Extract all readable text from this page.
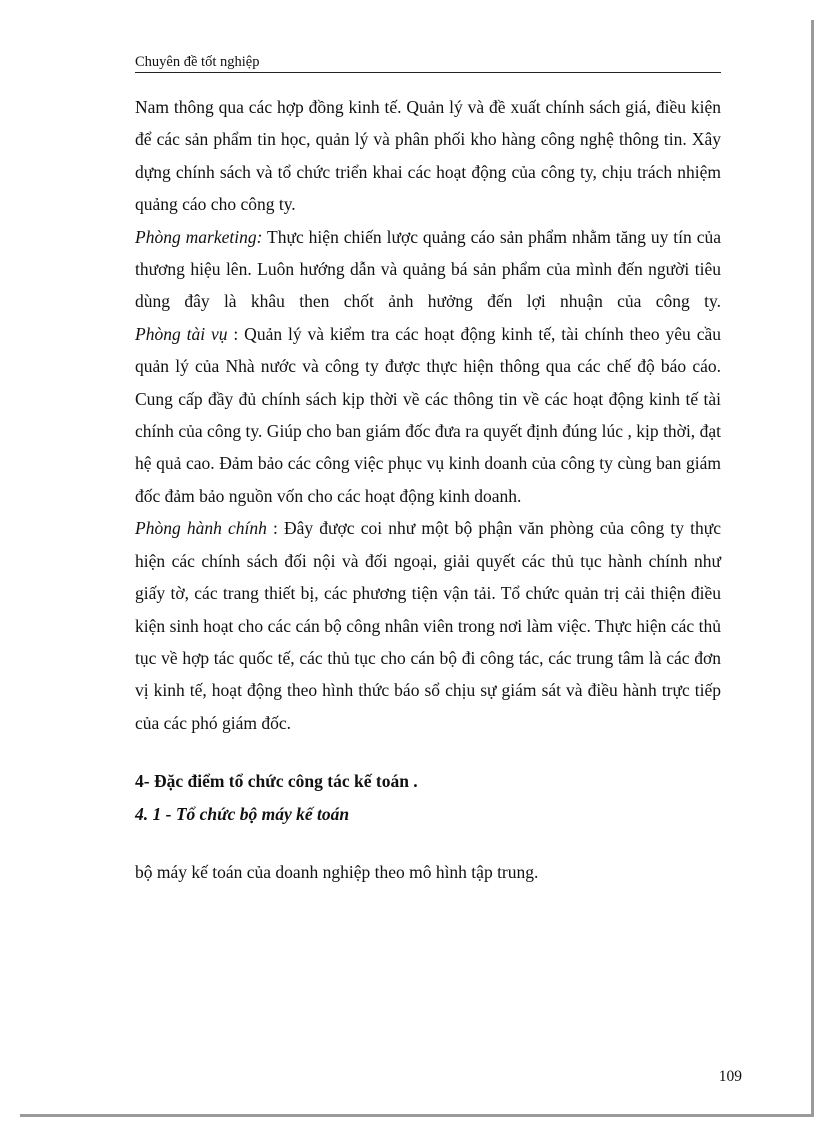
Chuyên đề tốt nghiệp

Nam thông qua các hợp đồng kinh tế. Quản lý và đề xuất chính sách giá, điều kiện để các sản phẩm tin học, quản lý và phân phối kho hàng công nghệ thông tin. Xây dựng chính sách và tổ chức triển khai các hoạt động của công ty, chịu trách nhiệm quảng cáo cho công ty.

Phòng marketing: Thực hiện chiến lược quảng cáo sản phẩm nhằm tăng uy tín của thương hiệu lên. Luôn hướng dẫn và quảng bá sản phẩm của mình đến người tiêu dùng đây là khâu then chốt ảnh hưởng đến lợi nhuận của công ty.

Phòng tài vụ : Quản lý và kiểm tra các hoạt động kinh tế, tài chính theo yêu cầu quản lý của Nhà nước và công ty được thực hiện thông qua các chế độ báo cáo. Cung cấp đầy đủ chính sách kịp thời về các thông tin về các hoạt động kinh tế tài chính của công ty. Giúp cho ban giám đốc đưa ra quyết định đúng lúc , kịp thời, đạt hệ quả cao. Đảm bảo các công việc phục vụ kinh doanh của công ty cùng ban giám đốc đảm bảo nguồn vốn cho các hoạt động kinh doanh.

Phòng hành chính : Đây được coi như một bộ phận văn phòng của công ty thực hiện các chính sách đối nội và đối ngoại, giải quyết các thủ tục hành chính như giấy tờ, các trang thiết bị, các phương tiện vận tải. Tổ chức quản trị cải thiện điều kiện sinh hoạt cho các cán bộ công nhân viên trong nơi làm việc. Thực hiện các thủ tục về hợp tác quốc tế, các thủ tục cho cán bộ đi công tác, các trung tâm là các đơn vị kinh tế, hoạt động theo hình thức báo sổ chịu sự giám sát và điều hành trực tiếp của các phó giám đốc.

4- Đặc điểm tổ chức công tác kế toán .

4. 1 - Tổ chức bộ máy kế toán

bộ máy kế toán của doanh nghiệp theo mô hình tập trung.

109
